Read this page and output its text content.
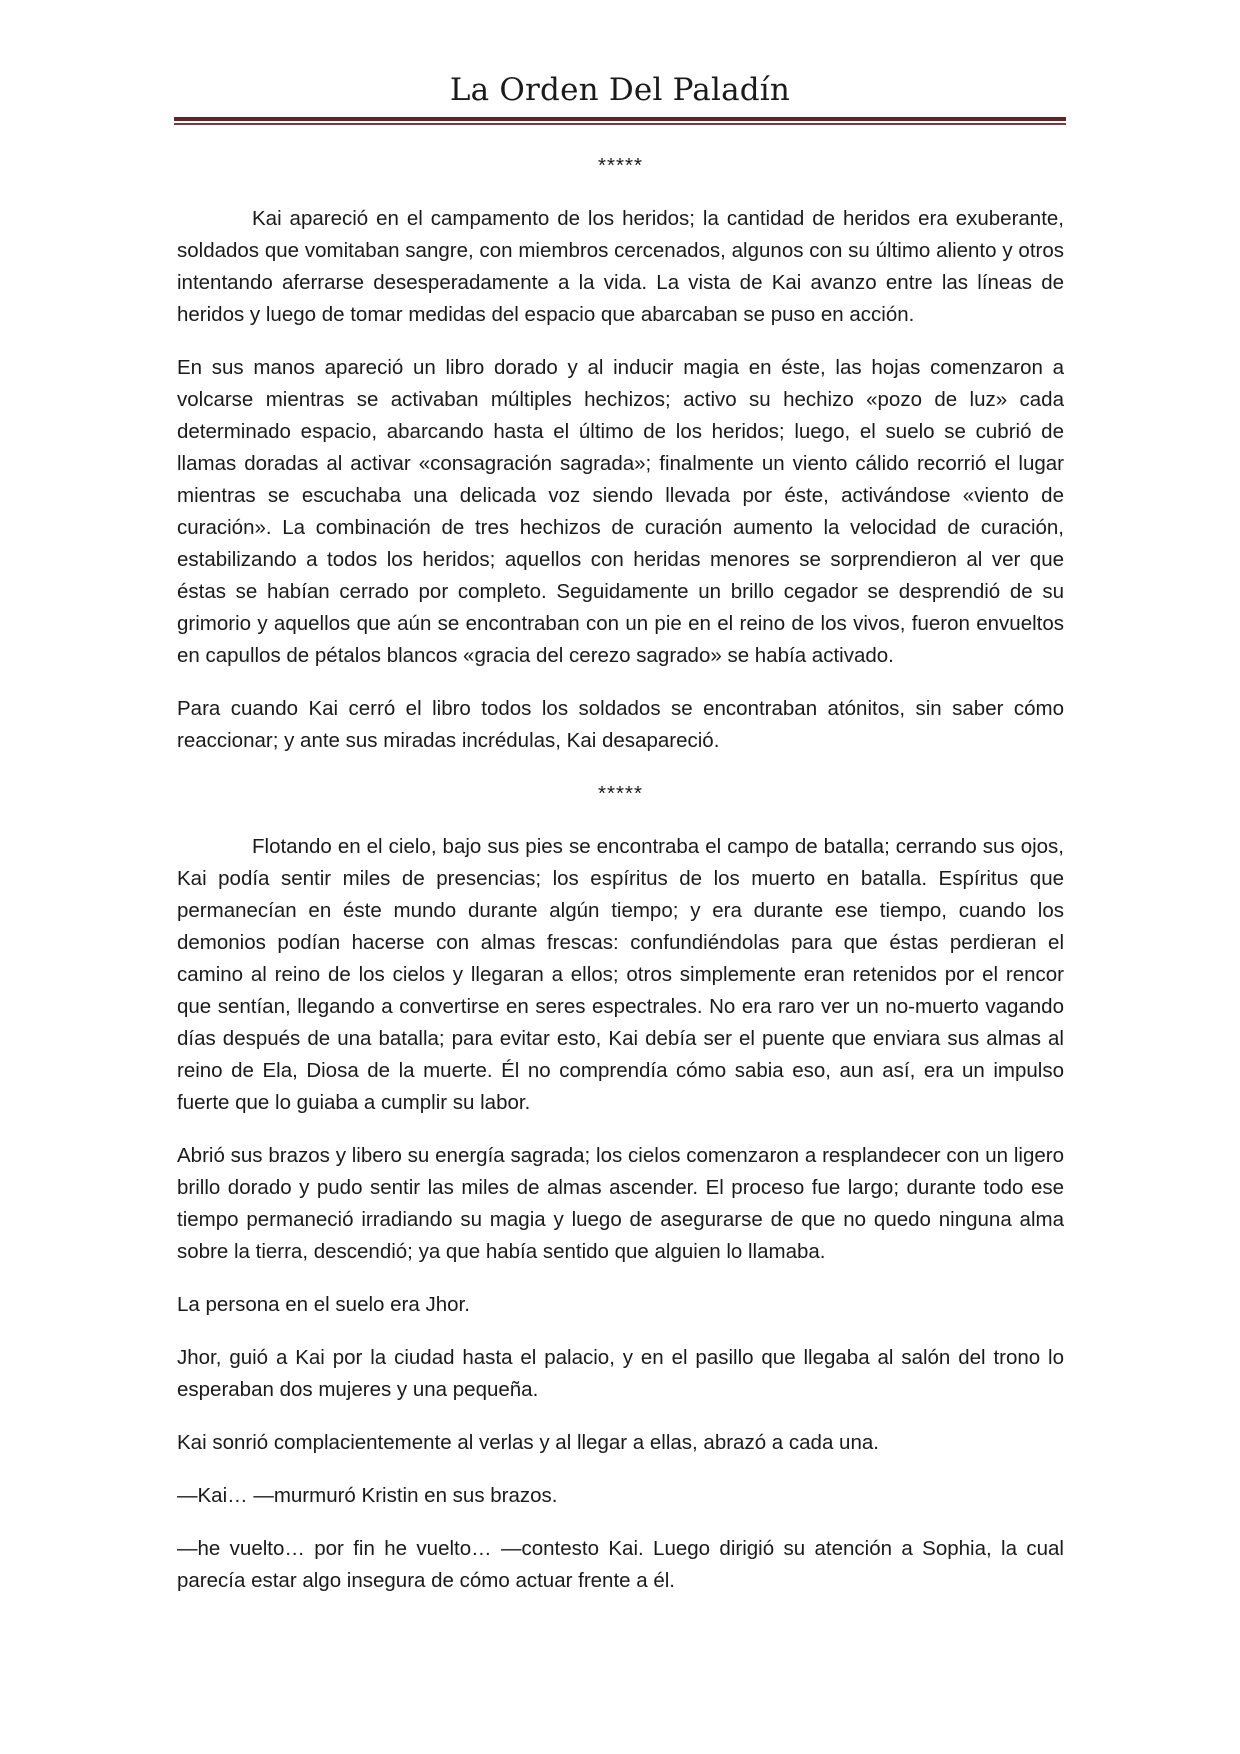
La Orden Del Paladín

*****

Kai apareció en el campamento de los heridos; la cantidad de heridos era exuberante, soldados que vomitaban sangre, con miembros cercenados, algunos con su último aliento y otros intentando aferrarse desesperadamente a la vida. La vista de Kai avanzo entre las líneas de heridos y luego de tomar medidas del espacio que abarcaban se puso en acción.

En sus manos apareció un libro dorado y al inducir magia en éste, las hojas comenzaron a volcarse mientras se activaban múltiples hechizos; activo su hechizo «pozo de luz» cada determinado espacio, abarcando hasta el último de los heridos; luego, el suelo se cubrió de llamas doradas al activar «consagración sagrada»; finalmente un viento cálido recorrió el lugar mientras se escuchaba una delicada voz siendo llevada por éste, activándose «viento de curación». La combinación de tres hechizos de curación aumento la velocidad de curación, estabilizando a todos los heridos; aquellos con heridas menores se sorprendieron al ver que éstas se habían cerrado por completo. Seguidamente un brillo cegador se desprendió de su grimorio y aquellos que aún se encontraban con un pie en el reino de los vivos, fueron envueltos en capullos de pétalos blancos «gracia del cerezo sagrado» se había activado.

Para cuando Kai cerró el libro todos los soldados se encontraban atónitos, sin saber cómo reaccionar; y ante sus miradas incrédulas, Kai desapareció.

*****

Flotando en el cielo, bajo sus pies se encontraba el campo de batalla; cerrando sus ojos, Kai podía sentir miles de presencias; los espíritus de los muerto en batalla. Espíritus que permanecían en éste mundo durante algún tiempo; y era durante ese tiempo, cuando los demonios podían hacerse con almas frescas: confundiéndolas para que éstas perdieran el camino al reino de los cielos y llegaran a ellos; otros simplemente eran retenidos por el rencor que sentían, llegando a convertirse en seres espectrales. No era raro ver un no-muerto vagando días después de una batalla; para evitar esto, Kai debía ser el puente que enviara sus almas al reino de Ela, Diosa de la muerte. Él no comprendía cómo sabia eso, aun así, era un impulso fuerte que lo guiaba a cumplir su labor.

Abrió sus brazos y libero su energía sagrada; los cielos comenzaron a resplandecer con un ligero brillo dorado y pudo sentir las miles de almas ascender. El proceso fue largo; durante todo ese tiempo permaneció irradiando su magia y luego de asegurarse de que no quedo ninguna alma sobre la tierra, descendió; ya que había sentido que alguien lo llamaba.

La persona en el suelo era Jhor.

Jhor, guió a Kai por la ciudad hasta el palacio, y en el pasillo que llegaba al salón del trono lo esperaban dos mujeres y una pequeña.

Kai sonrió complacientemente al verlas y al llegar a ellas, abrazó a cada una.

—Kai… —murmuró Kristin en sus brazos.

—he vuelto… por fin he vuelto… —contesto Kai. Luego dirigió su atención a Sophia, la cual parecía estar algo insegura de cómo actuar frente a él.
